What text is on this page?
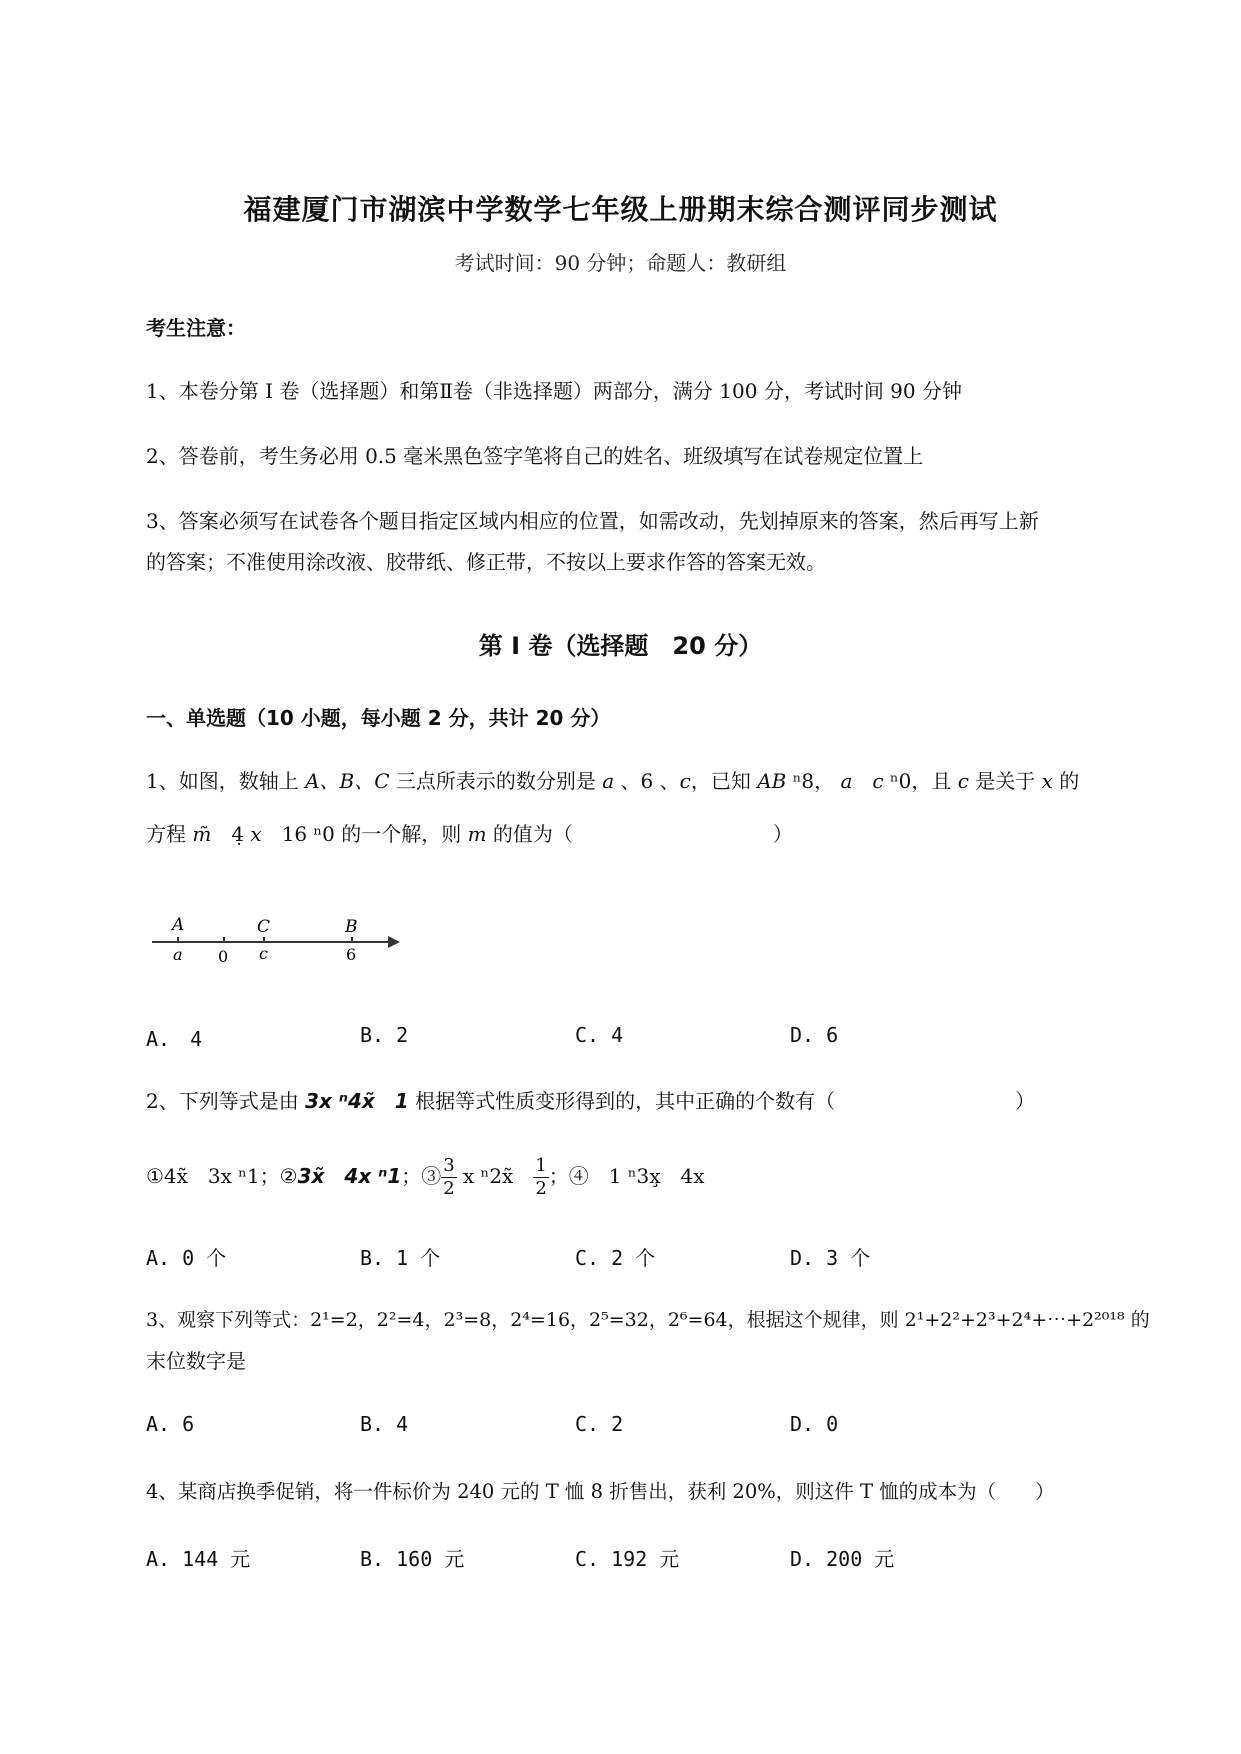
福建厦门市湖滨中学数学七年级上册期末综合测评同步测试
考试时间：90 分钟；命题人：教研组
考生注意：
1、本卷分第 I 卷（选择题）和第Ⅱ卷（非选择题）两部分，满分 100 分，考试时间 90 分钟
2、答卷前，考生务必用 0.5 毫米黑色签字笔将自己的姓名、班级填写在试卷规定位置上
3、答案必须写在试卷各个题目指定区域内相应的位置，如需改动，先划掉原来的答案，然后再写上新
的答案；不准使用涂改液、胶带纸、修正带，不按以上要求作答的答案无效。
第 I 卷（选择题　20 分）
一、单选题（10 小题，每小题 2 分，共计 20 分）
1、如图，数轴上 A、B、C 三点所表示的数分别是 a 、6 、c，已知 AB ⁿ8， a　 c ⁿ0，且 c 是关于 x 的
方程 m̃　4̣ x　16 ⁿ0 的一个解，则 m 的值为（　　　　　　　　　　）
A	C	B
a 0 c	6
A.　4	B. 2	C. 4	D. 6
2、下列等式是由 3x ⁿ4x̃　1 根据等式性质变形得到的，其中正确的个数有（　　　　　　　　　）
①4x̃　3x ⁿ1；②3x̃　4x ⁿ1；③ $\frac{3}{2}$ x ⁿ2x̃　 $\frac{1}{2}$ ；④　1 ⁿ3x̧　4x
A. 0 个	B. 1 个	C. 2 个	D. 3 个
3、观察下列等式：2¹=2，2²=4，2³=8，2⁴=16，2⁵=32，2⁶=64，根据这个规律，则 2¹+2²+2³+2⁴+⋯+2²⁰¹⁸ 的
末位数字是
A. 6	B. 4	C. 2	D. 0
4、某商店换季促销，将一件标价为 240 元的 T 恤 8 折售出，获利 20%，则这件 T 恤的成本为（　　）
A. 144 元	B. 160 元	C. 192 元	D. 200 元
